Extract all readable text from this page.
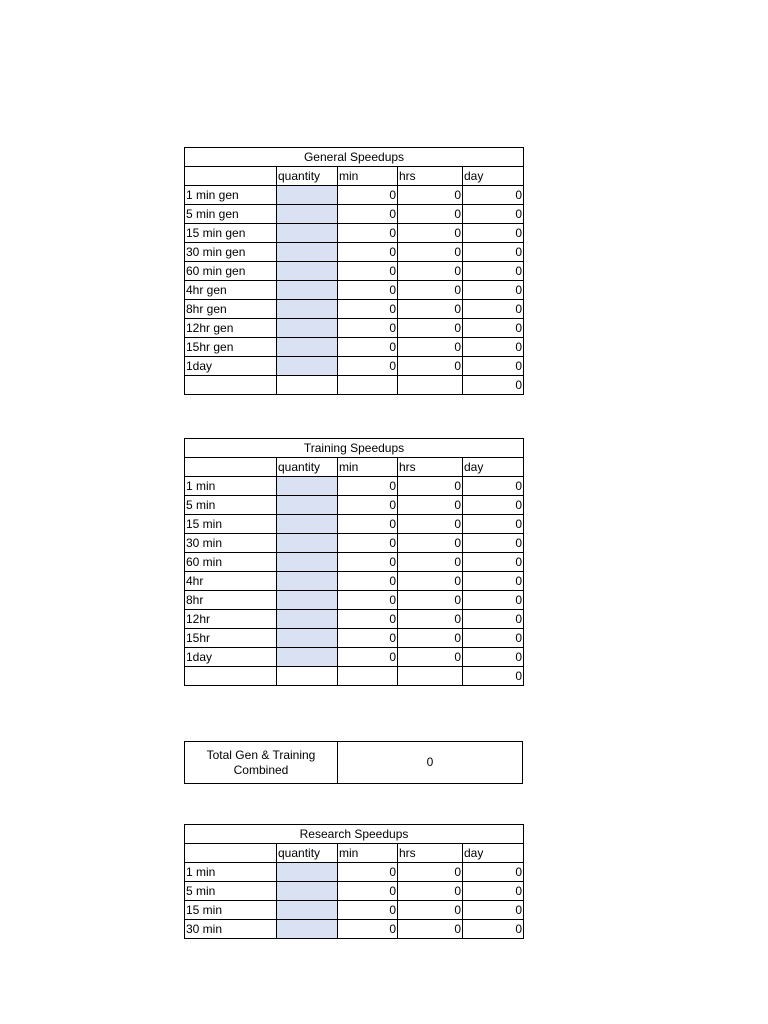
General Speedups				
	quantity	min	hrs	day
1 min gen		0	0	0
5 min gen		0	0	0
15 min gen		0	0	0
30 min gen		0	0	0
60 min gen		0	0	0
4hr gen		0	0	0
8hr gen		0	0	0
12hr gen		0	0	0
15hr gen		0	0	0
1day		0	0	0
				0
Training Speedups				
	quantity	min	hrs	day
1 min		0	0	0
5 min		0	0	0
15 min		0	0	0
30 min		0	0	0
60 min		0	0	0
4hr		0	0	0
8hr		0	0	0
12hr		0	0	0
15hr		0	0	0
1day		0	0	0
				0
Total Gen & Training Combined	0
Research Speedups				
	quantity	min	hrs	day
1 min		0	0	0
5 min		0	0	0
15 min		0	0	0
30 min		0	0	0
